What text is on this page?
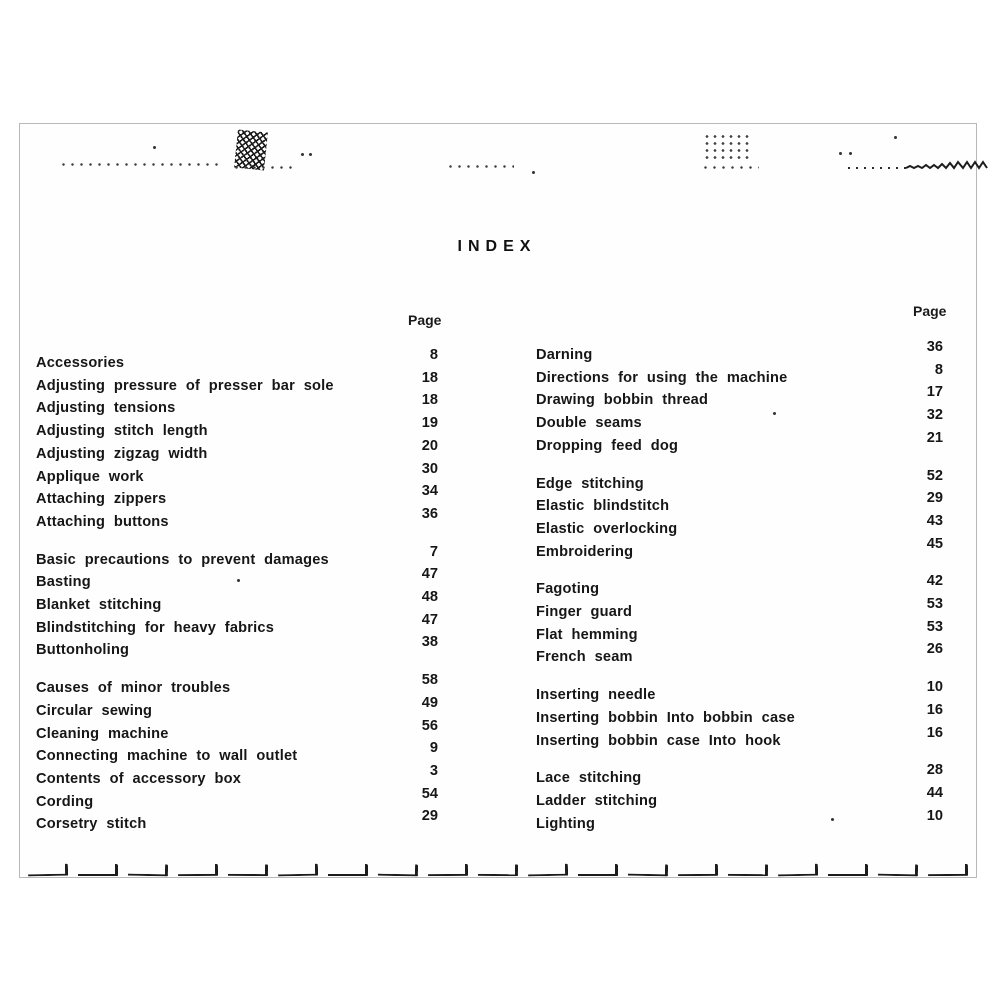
INDEX
Page
Page
Accessories	8
Adjusting pressure of presser bar sole	18
Adjusting tensions	18
Adjusting stitch length	19
Adjusting zigzag width	20
Applique work	30
Attaching zippers	34
Attaching buttons	36
Basic precautions to prevent damages	7
Basting	47
Blanket stitching	48
Blindstitching for heavy fabrics	47
Buttonholing	38
Causes of minor troubles	58
Circular sewing	49
Cleaning machine	56
Connecting machine to wall outlet	9
Contents of accessory box	3
Cording	54
Corsetry stitch	29
Darning	36
Directions for using the machine	8
Drawing bobbin thread	17
Double seams	32
Dropping feed dog	21
Edge stitching	52
Elastic blindstitch	29
Elastic overlocking	43
Embroidering	45
Fagoting	42
Finger guard	53
Flat hemming	53
French seam	26
Inserting needle	10
Inserting bobbin Into bobbin case	16
Inserting bobbin case Into hook	16
Lace stitching	28
Ladder stitching	44
Lighting	10
